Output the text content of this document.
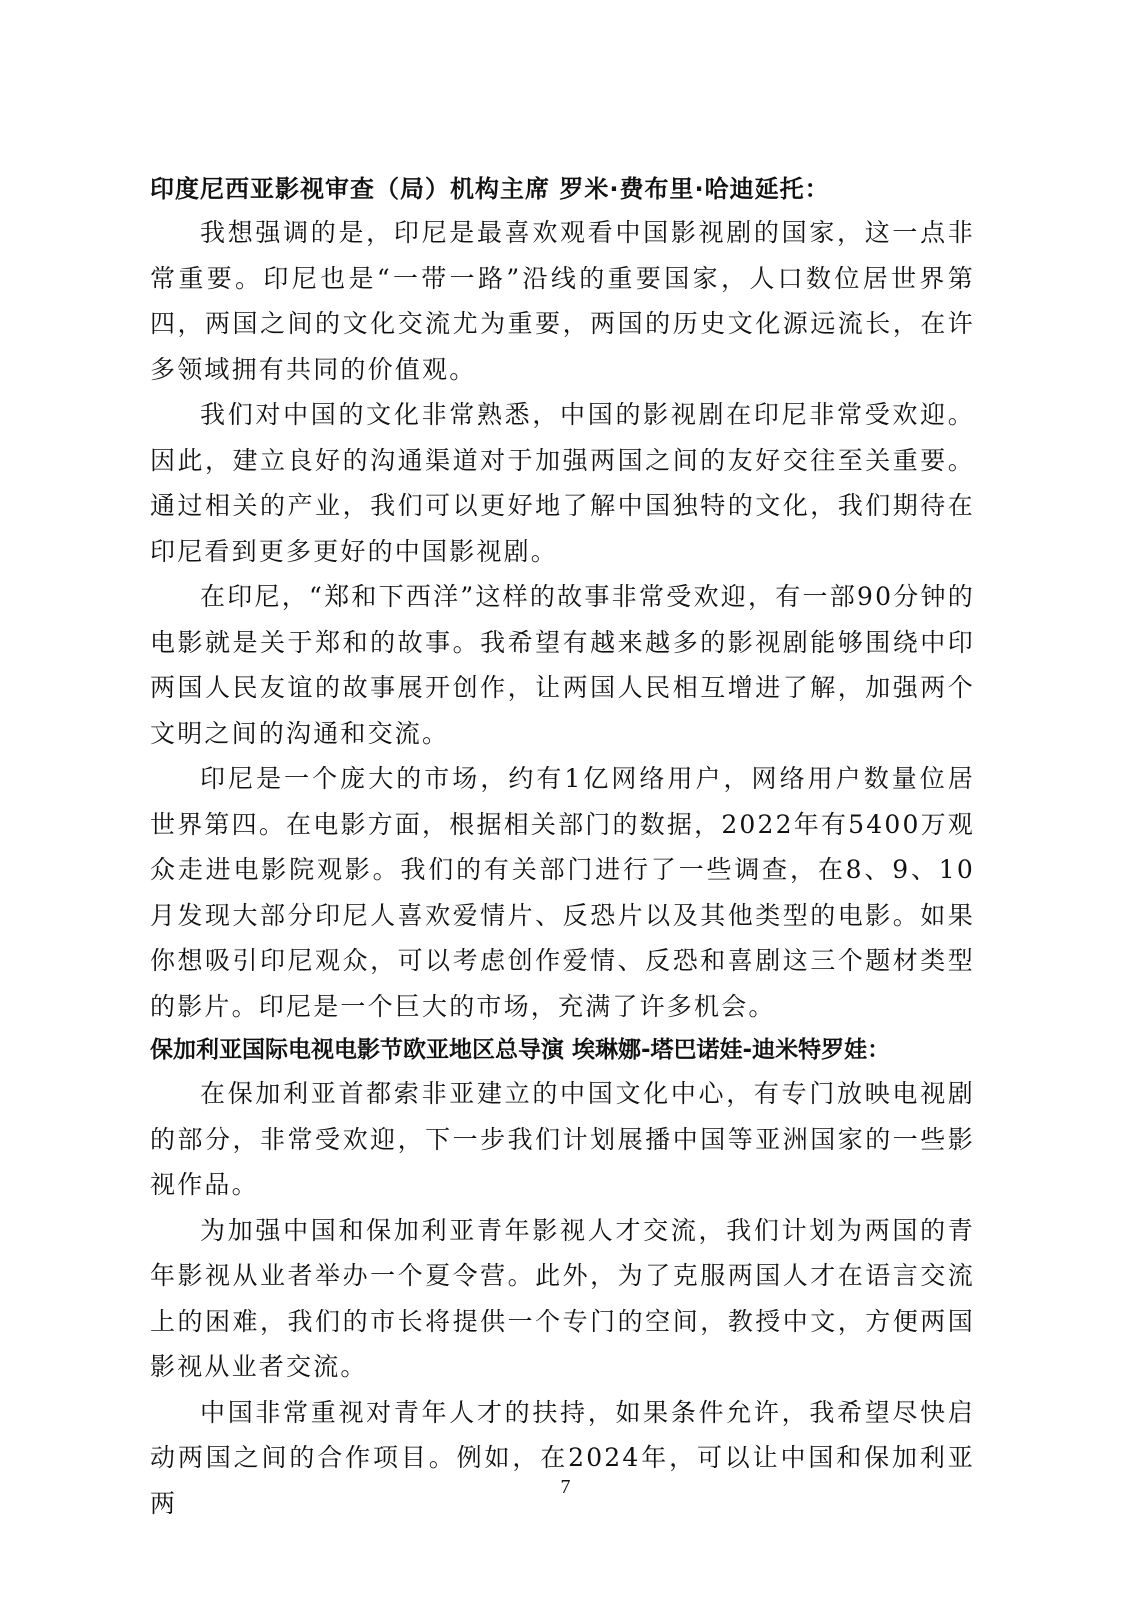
印度尼西亚影视审查（局）机构主席 罗米·费布里·哈迪延托：

我想强调的是，印尼是最喜欢观看中国影视剧的国家，这一点非常重要。印尼也是“一带一路”沿线的重要国家，人口数位居世界第四，两国之间的文化交流尤为重要，两国的历史文化源远流长，在许多领域拥有共同的价值观。

我们对中国的文化非常熟悉，中国的影视剧在印尼非常受欢迎。因此，建立良好的沟通渠道对于加强两国之间的友好交往至关重要。通过相关的产业，我们可以更好地了解中国独特的文化，我们期待在印尼看到更多更好的中国影视剧。

在印尼，“郑和下西洋”这样的故事非常受欢迎，有一部90分钟的电影就是关于郑和的故事。我希望有越来越多的影视剧能够围绕中印两国人民友谊的故事展开创作，让两国人民相互增进了解，加强两个文明之间的沟通和交流。

印尼是一个庞大的市场，约有1亿网络用户，网络用户数量位居世界第四。在电影方面，根据相关部门的数据，2022年有5400万观众走进电影院观影。我们的有关部门进行了一些调查，在8、9、10月发现大部分印尼人喜欢爱情片、反恐片以及其他类型的电影。如果你想吸引印尼观众，可以考虑创作爱情、反恐和喜剧这三个题材类型的影片。印尼是一个巨大的市场，充满了许多机会。

保加利亚国际电视电影节欧亚地区总导演 埃琳娜-塔巴诺娃-迪米特罗娃：

在保加利亚首都索非亚建立的中国文化中心，有专门放映电视剧的部分，非常受欢迎，下一步我们计划展播中国等亚洲国家的一些影视作品。

为加强中国和保加利亚青年影视人才交流，我们计划为两国的青年影视从业者举办一个夏令营。此外，为了克服两国人才在语言交流上的困难，我们的市长将提供一个专门的空间，教授中文，方便两国影视从业者交流。

中国非常重视对青年人才的扶持，如果条件允许，我希望尽快启动两国之间的合作项目。例如，在2024年，可以让中国和保加利亚两

7
